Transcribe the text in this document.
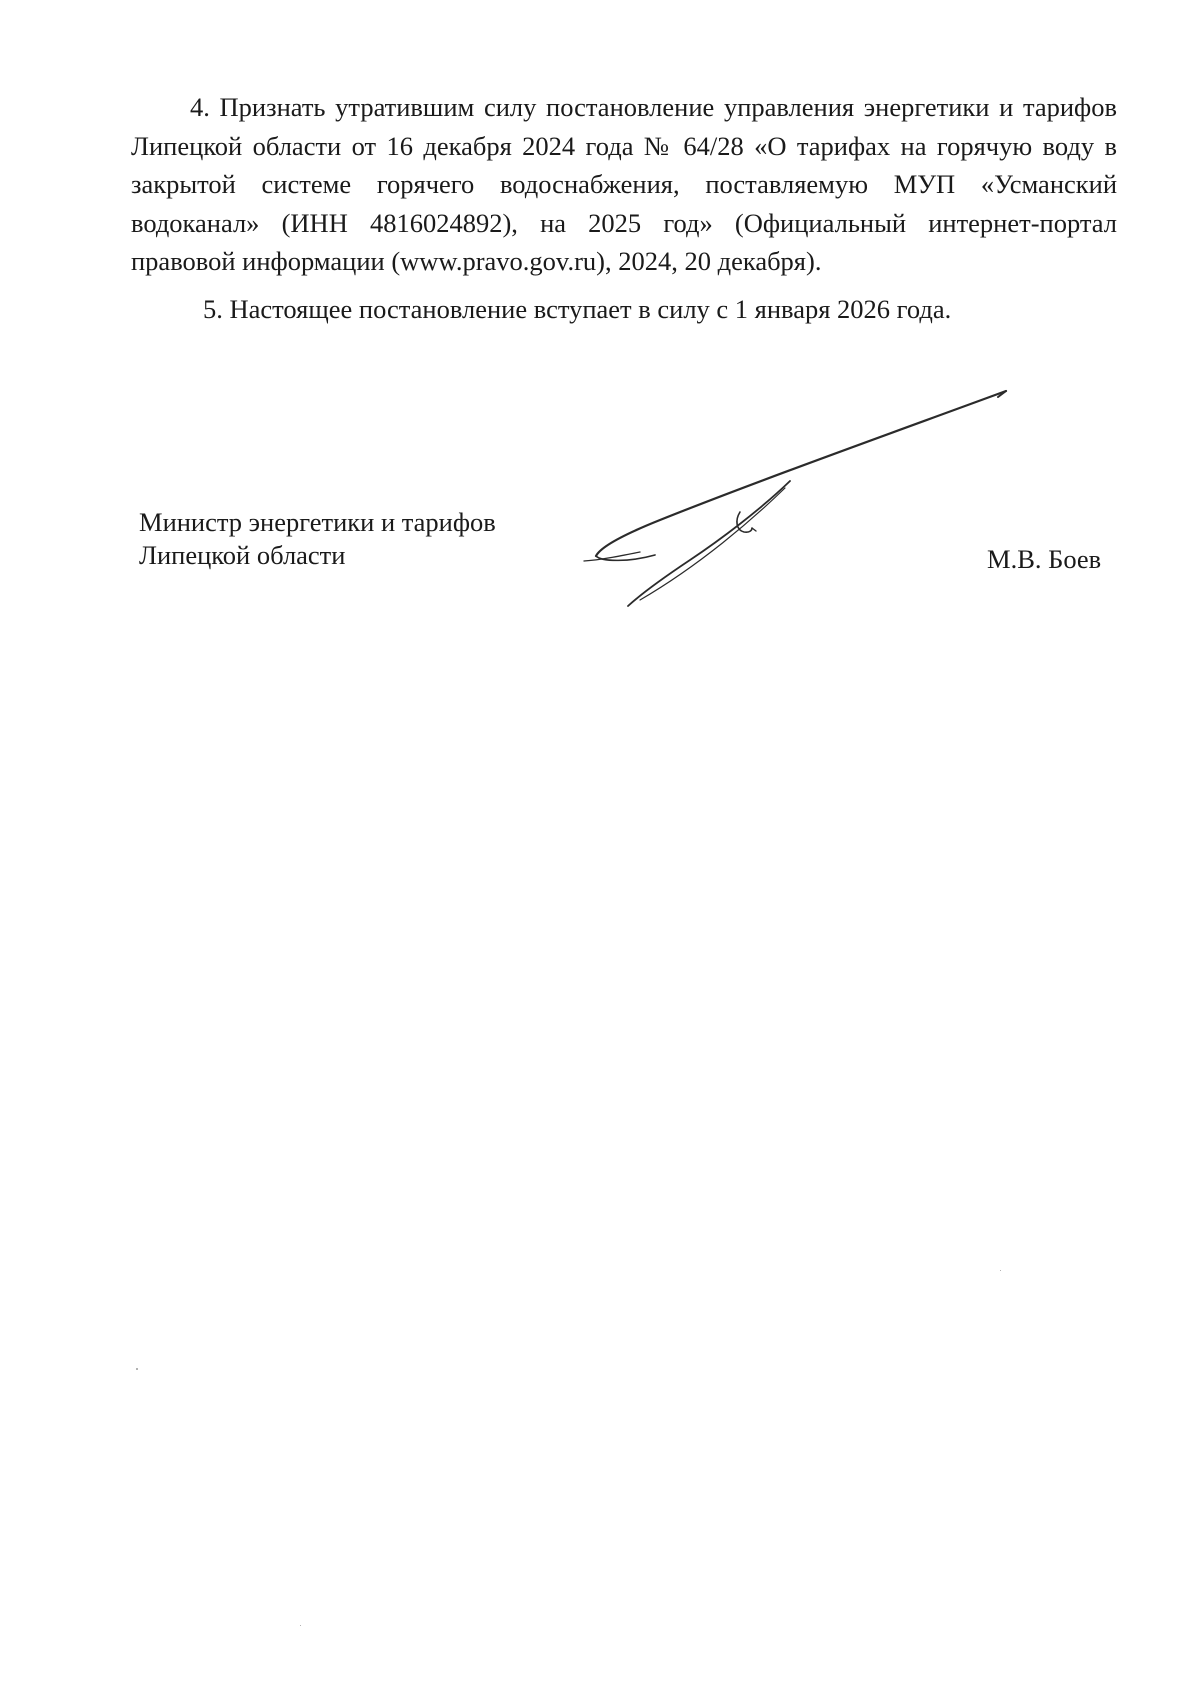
4. Признать утратившим силу постановление управления энергетики и тарифов Липецкой области от 16 декабря 2024 года № 64/28 «О тарифах на горячую воду в закрытой системе горячего водоснабжения, поставляемую МУП «Усманский водоканал» (ИНН 4816024892), на 2025 год» (Официальный интернет-портал правовой информации (www.pravo.gov.ru), 2024, 20 декабря).

5. Настоящее постановление вступает в силу с 1 января 2026 года.

Министр энергетики и тарифов
Липецкой области	М.В. Боев
